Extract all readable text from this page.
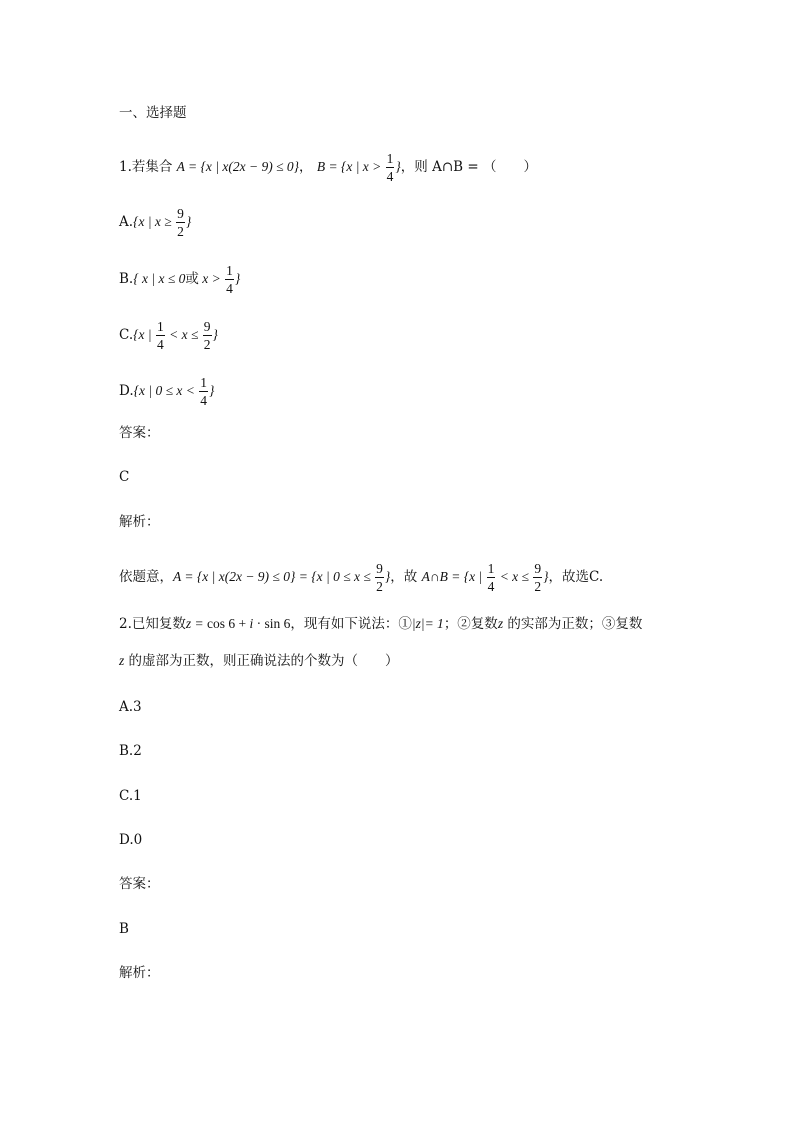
一、选择题
1.若集合 A = {x | x(2x − 9) ≤ 0}， B = {x | $x > \frac{1}{4}$ }，则 A∩B = （　　）
A.{x | $x \ge \frac{9}{2}$ }
B.{ x | x ≤ 0或 $x > \frac{1}{4}$ }
C.{x | $\frac{1}{4} < x \le \frac{9}{2}$ }
D.{x | $0 \le x < \frac{1}{4}$ }
答案：
C
解析：
依题意，A = {x | x(2x − 9) ≤ 0} = {x | $0 \le x \le \frac{9}{2}$ }，故 A∩B = {x | $\frac{1}{4} < x \le \frac{9}{2}$ }，故选C.
2.已知复数z = cos 6 + i · sin 6，现有如下说法：①|z|= 1；②复数z 的实部为正数；③复数
z 的虚部为正数，则正确说法的个数为（　　）
A.3
B.2
C.1
D.0
答案：
B
解析：
